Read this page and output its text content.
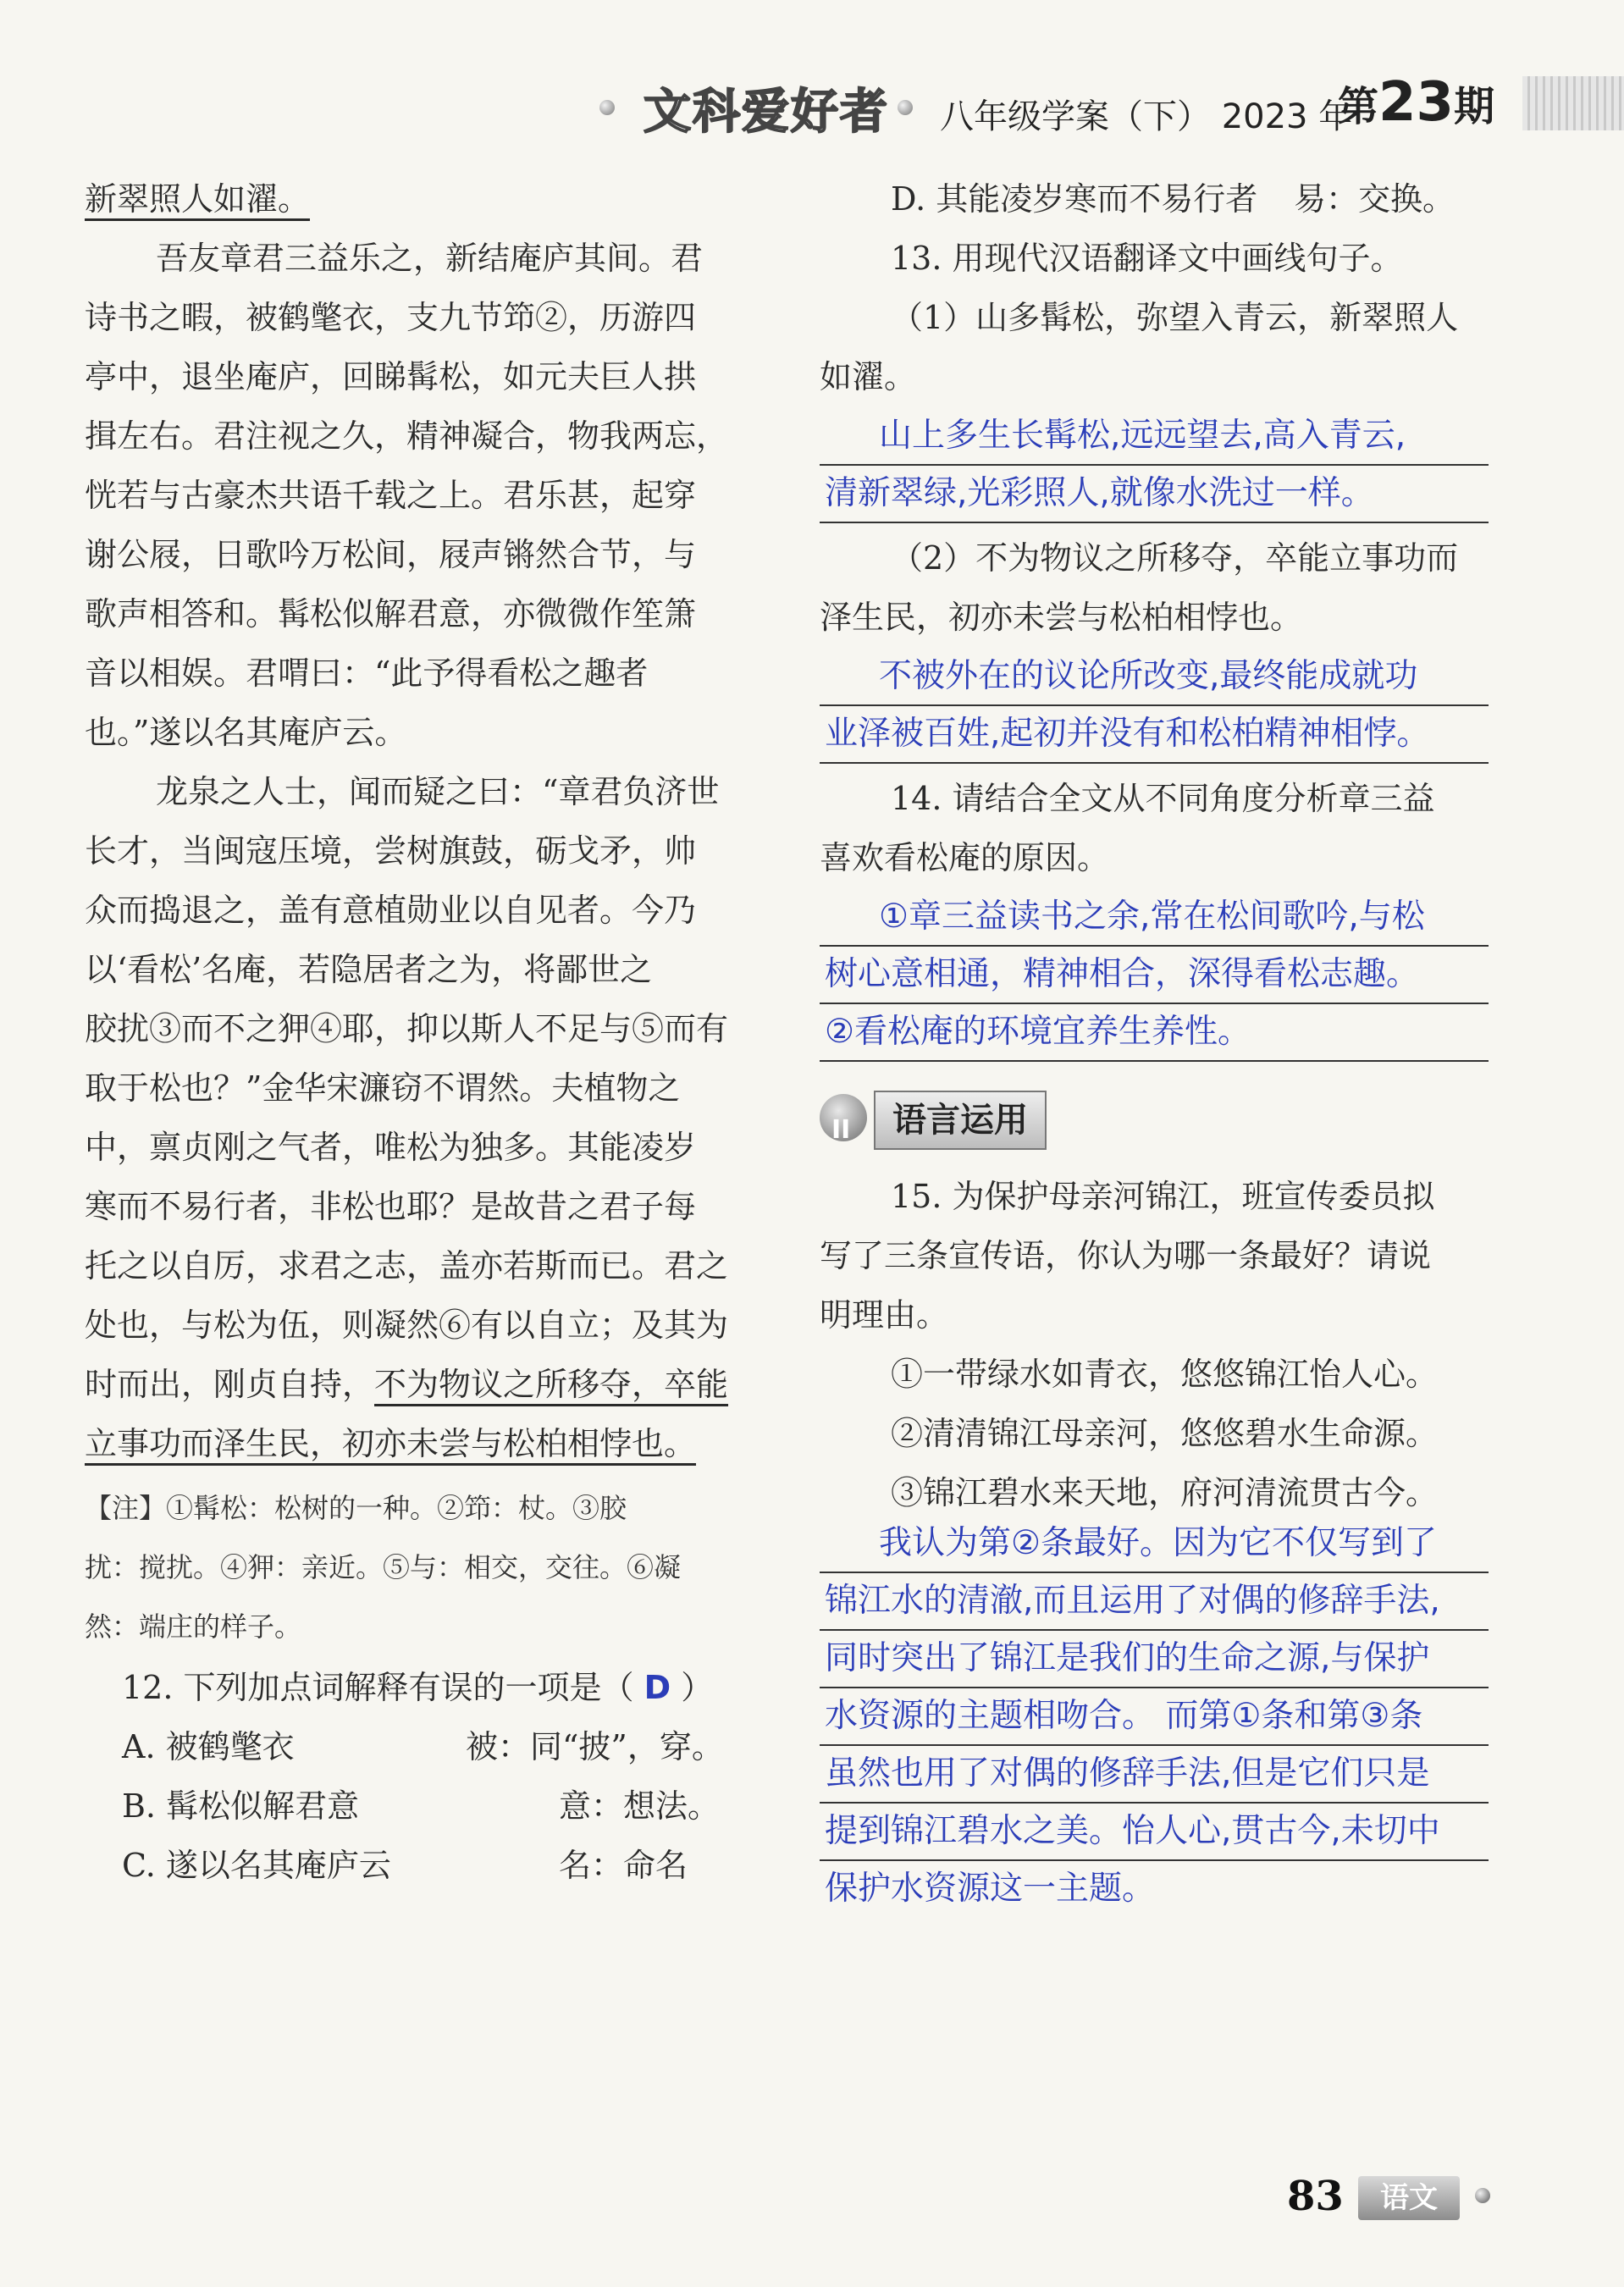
文科爱好者 八年级学案（下） 2023 年
第23期
新翠照人如濯。
吾友章君三益乐之，新结庵庐其间。君
诗书之暇，被鹤氅衣，支九节笻②，历游四
亭中，退坐庵庐，回睇髯松，如元夫巨人拱
揖左右。君注视之久，精神凝合，物我两忘，
恍若与古豪杰共语千载之上。君乐甚，起穿
谢公屐，日歌吟万松间，屐声锵然合节，与
歌声相答和。髯松似解君意，亦微微作笙箫
音以相娱。君喟曰：“此予得看松之趣者
也。”遂以名其庵庐云。
龙泉之人士，闻而疑之曰：“章君负济世
长才，当闽寇压境，尝树旗鼓，砺戈矛，帅
众而捣退之，盖有意植勋业以自见者。今乃
以‘看松’名庵，若隐居者之为，将鄙世之
胶扰③而不之狎④耶，抑以斯人不足与⑤而有
取于松也？”金华宋濂窃不谓然。夫植物之
中，禀贞刚之气者，唯松为独多。其能凌岁
寒而不易行者，非松也耶？是故昔之君子每
托之以自厉，求君之志，盖亦若斯而已。君之
处也，与松为伍，则凝然⑥有以自立；及其为
时而出，刚贞自持，不为物议之所移夺，卒能
立事功而泽生民，初亦未尝与松柏相悖也。
【注】①髯松：松树的一种。②笻：杖。③胶
扰：搅扰。④狎：亲近。⑤与：相交，交往。⑥凝
然：端庄的样子。
12. 下列加点词解释有误的一项是（ D ）
A. 被鹤氅衣	被：同“披”，穿。
B. 髯松似解君意	意：想法。
C. 遂以名其庵庐云	名：命名
D. 其能凌岁寒而不易行者 易：交换。
13. 用现代汉语翻译文中画线句子。
（1）山多髯松，弥望入青云，新翠照人
如濯。
山上多生长髯松,远远望去,高入青云,
清新翠绿,光彩照人,就像水洗过一样。
（2）不为物议之所移夺，卒能立事功而
泽生民，初亦未尝与松柏相悖也。
不被外在的议论所改变,最终能成就功
业泽被百姓,起初并没有和松柏精神相悖。
14. 请结合全文从不同角度分析章三益
喜欢看松庵的原因。
①章三益读书之余,常在松间歌吟,与松
树心意相通，精神相合，深得看松志趣。
②看松庵的环境宜养生养性。
II	语言运用
15. 为保护母亲河锦江，班宣传委员拟
写了三条宣传语，你认为哪一条最好？请说
明理由。
①一带绿水如青衣，悠悠锦江怡人心。
②清清锦江母亲河，悠悠碧水生命源。
③锦江碧水来天地，府河清流贯古今。
我认为第②条最好。因为它不仅写到了
锦江水的清澈,而且运用了对偶的修辞手法,
同时突出了锦江是我们的生命之源,与保护
水资源的主题相吻合。 而第①条和第③条
虽然也用了对偶的修辞手法,但是它们只是
提到锦江碧水之美。怡人心,贯古今,未切中
保护水资源这一主题。
83	语文
